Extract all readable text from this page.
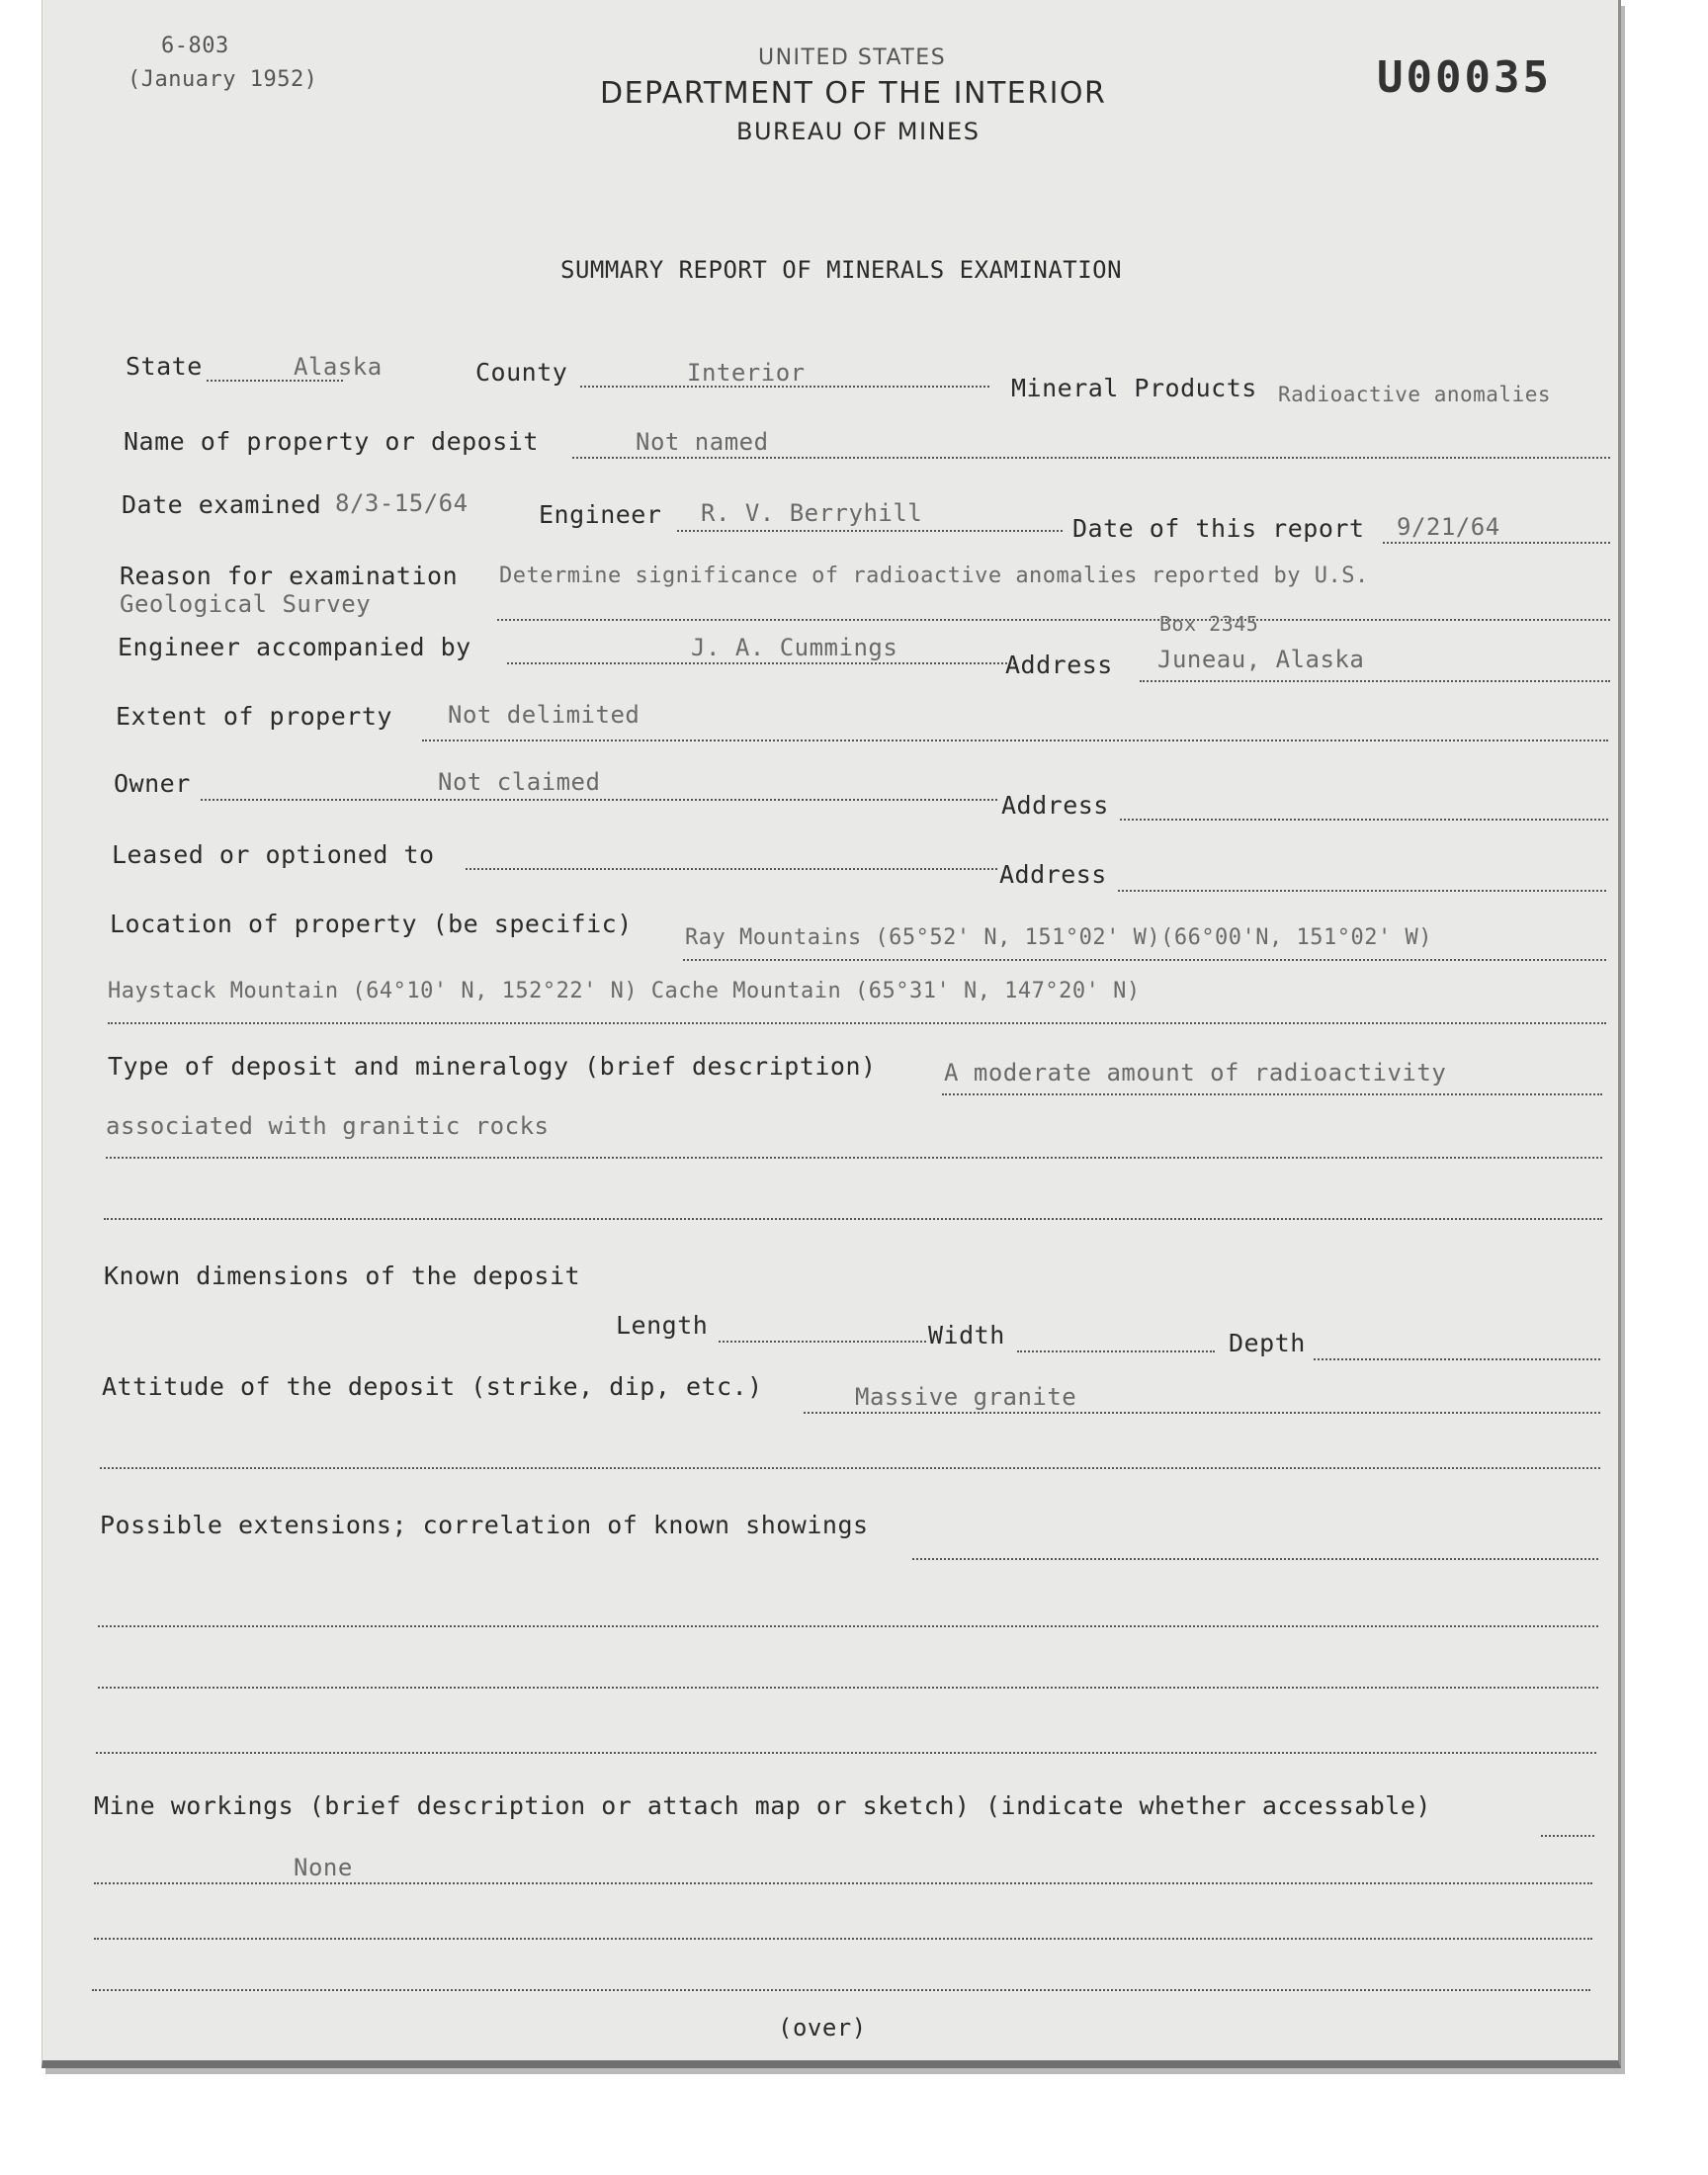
6-803
(January 1952)
UNITED STATES
DEPARTMENT OF THE INTERIOR
BUREAU OF MINES
U00035
SUMMARY REPORT OF MINERALS EXAMINATION
State	Alaska	County	Interior
Mineral Products Radioactive anomalies
Name of property or deposit	Not named
Date examined 8/3-15/64	Engineer R. V. Berryhill
Date of this report 9/21/64
Reason for examination Determine significance of radioactive anomalies reported by U.S.
Geological Survey
Engineer accompanied by	J. A. Cummings
Box 2345
Address Juneau, Alaska
Extent of property Not delimited
Owner	Not claimed
Address
Leased or optioned to
Address
Location of property (be specific) Ray Mountains (65°52' N, 151°02' W)(66°00'N, 151°02' W)
Haystack Mountain (64°10' N, 152°22' N) Cache Mountain (65°31' N, 147°20' N)
Type of deposit and mineralogy (brief description)	A moderate amount of radioactivity
associated with granitic rocks
Known dimensions of the deposit
Length	Width	Depth
Attitude of the deposit (strike, dip, etc.)	Massive granite
Possible extensions; correlation of known showings
Mine workings (brief description or attach map or sketch) (indicate whether accessable)
None
(over)
